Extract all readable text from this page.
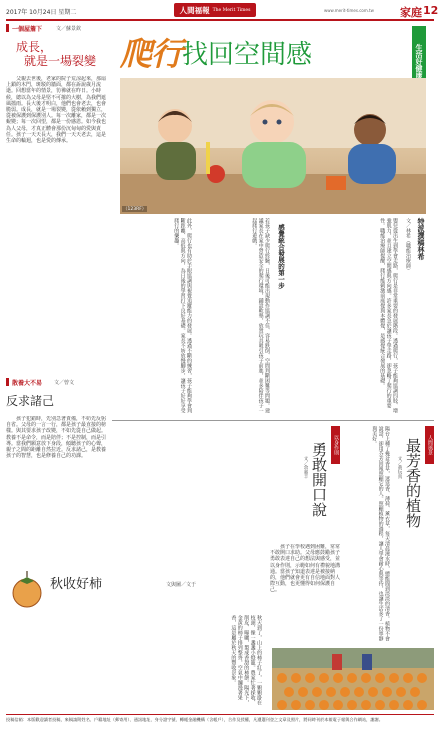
2017年 10月24日 星期二	人間福報 The Merit Times	www.merit-times.com.tw 家庭 12
一個屋簷下	文／蘇景欽
成長，
就是一場裂變

父親去世後，老家的院子荒涼起來，那扇上鎖的木門，斑駁的牆面，都在訴說歲月流逝。回想當年的情景，彷彿就在昨日。小時候，總以為父母是堅不可摧的大樹，為我們遮風擋雨。長大後才明白，他們也會老去，也會脆弱。成長，就是一場裂變，從依賴到獨立，從被保護到保護別人。每一次離家，都是一次蛻變；每一次回望，都是一份感恩。如今我也為人父母，才真正體會那份沉甸甸的愛與責任。孩子一天天長大，我們一天天老去，這是生命的輪迴，也是愛的傳承。

散養大不易 文／曾文
反求諸己

孩子犯錯時，先別急著責備，不妨先反躬自省。父母的一言一行，都是孩子最直接的榜樣。與其要求孩子改變，不如先從自己做起。教養不是命令，而是陪伴；不是控制，而是引導。當我們願意放下身段，傾聽孩子的心聲，親子之間的距離自然拉近。反求諸己，是教養孩子的智慧，也是修養自己的功課。

秋收好柿	文與圖／文于

秋天到了，山上的柿子紅了，一顆顆掛在枝頭，像一盞盞小燈籠。農家忙著採收、削皮、曝曬，製成香甜的柿餅。陽光下，金黃的柿子排列整齊，空氣中瀰漫著果香，這是屬於秋天的豐收景象。

爬行 找回空間感	生活好健康
（123RF）
特派撰稿林希
文／林希（職能治療師）

嬰兒從出生到學會走路，爬行是非常重要的發展階段。透過爬行，孩子能夠協調四肢、增強肌力，並且建立空間感與方向感。許多家長急於讓孩子學走路，卻忽略了爬行的重要性。職能治療師提醒，爬行能刺激前庭覺與本體覺，是感覺統合發展的基礎。

感覺統合發展的第一步

若孩子缺少爬行經驗，日後可能出現動作協調不佳、容易跌倒、空間判斷困難等問題。建議家長在家中營造安全的爬行環境，鋪設軟墊，放置玩具吸引孩子前進，並多陪伴孩子一起爬行遊戲。

此外，爬行也有助於手眼協調與視覺追蹤能力的發展。透過不斷的練習，孩子能夠學會判斷距離、高低與方向，為日後的學習打下良好基礎。家長不妨放慢腳步，讓孩子好好享受爬行的樂趣。

以身作則
勇敢開口說
文／余嘉丰

孩子在學校遇到困難，常常不敢開口求助。父母應鼓勵孩子勇敢表達自己的想法與感受，並以身作則，示範如何有禮貌地溝通。當孩子知道表達是被接納的，他們就會更有自信地面對人際互動，也更懂得如何保護自己。

人間風景
最芳香的植物
文／黃玩真

陽台上種了幾盆香草，迷迭香、薄荷、薰衣草，每天清晨澆水時，總能聞到淡淡的清香。植物不會說話，卻用芬芳回報照顧它的人。照顧植物的過程，讓人學會耐心與等待，也讓生活多了一份寧靜與美好。

投稿信箱：本版歡迎讀者投稿，來稿請附姓名、戶籍地址（郵寄用）、通訊地址、身分證字號、轉帳金融機構（含帳戶），合作及授權，凡遭選刊登之文章及照片，將同時刊於本報電子報與合作網站，謝謝。
